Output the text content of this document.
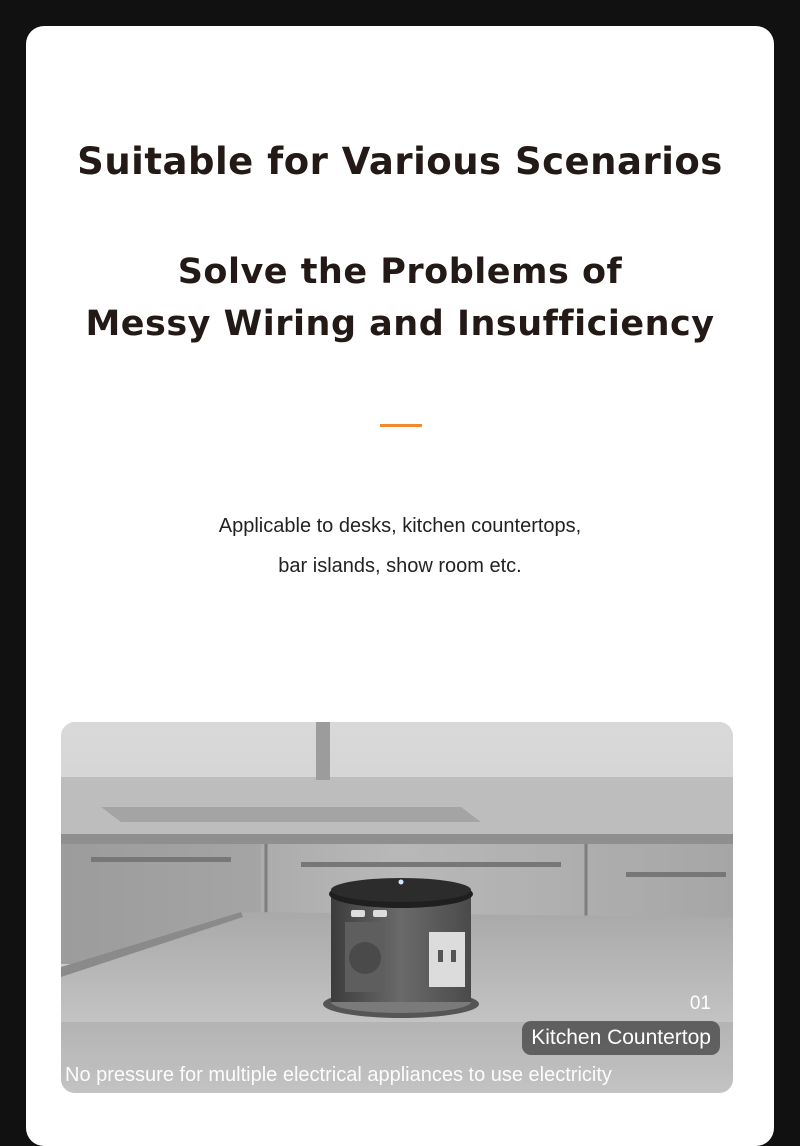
Suitable for Various Scenarios
Solve the Problems of
Messy Wiring and Insufficiency
Applicable to desks, kitchen countertops,
bar islands, show room etc.
01
Kitchen Countertop
No pressure for multiple electrical appliances to use electricity
